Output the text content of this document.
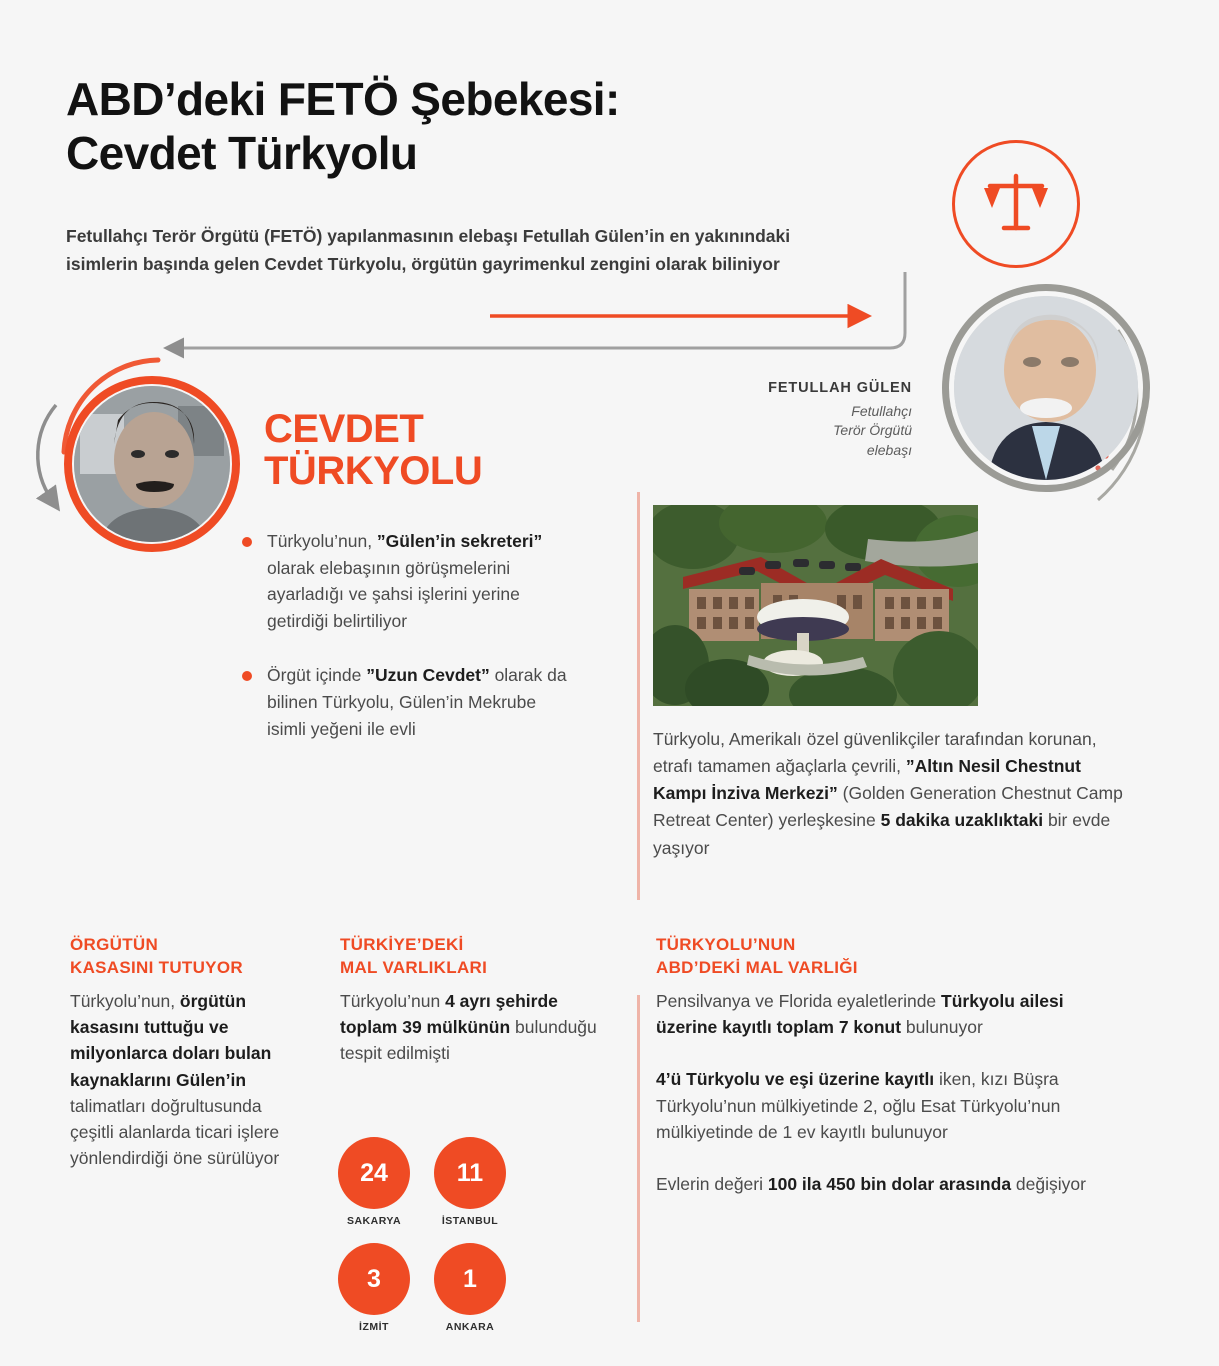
ABD’deki FETÖ Şebekesi:
Cevdet Türkyolu
Fetullahçı Terör Örgütü (FETÖ) yapılanmasının elebaşı Fetullah Gülen’in en yakınındaki isimlerin başında gelen Cevdet Türkyolu, örgütün gayrimenkul zengini olarak biliniyor
FETULLAH GÜLEN
Fetullahçı
Terör Örgütü
elebaşı
CEVDET
TÜRKYOLU

Türkyolu’nun, ”Gülen’in sekreteri” olarak elebaşının görüşmelerini ayarladığı ve şahsi işlerini yerine getirdiği belirtiliyor

Örgüt içinde ”Uzun Cevdet” olarak da bilinen Türkyolu, Gülen’in Mekrube isimli yeğeni ile evli

Türkyolu, Amerikalı özel güvenlikçiler tarafından korunan, etrafı tamamen ağaçlarla çevrili, ”Altın Nesil Chestnut Kampı İnziva Merkezi” (Golden Generation Chestnut Camp Retreat Center) yerleşkesine 5 dakika uzaklıktaki bir evde yaşıyor
ÖRGÜTÜN
KASASINI TUTUYOR
Türkyolu’nun, örgütün kasasını tuttuğu ve milyonlarca doları bulan kaynaklarını Gülen’in talimatları doğrultusunda çeşitli alanlarda ticari işlere yönlendirdiği öne sürülüyor
TÜRKİYE’DEKİ
MAL VARLIKLARI
Türkyolu’nun 4 ayrı şehirde toplam 39 mülkünün bulunduğu tespit edilmişti
24
SAKARYA
11
İSTANBUL
3
İZMİT
1
ANKARA
TÜRKYOLU’NUN
ABD’DEKİ MAL VARLIĞI
Pensilvanya ve Florida eyaletlerinde Türkyolu ailesi üzerine kayıtlı toplam 7 konut bulunuyor
4’ü Türkyolu ve eşi üzerine kayıtlı iken, kızı Büşra Türkyolu’nun mülkiyetinde 2, oğlu Esat Türkyolu’nun mülkiyetinde de 1 ev kayıtlı bulunuyor
Evlerin değeri 100 ila 450 bin dolar arasında değişiyor
